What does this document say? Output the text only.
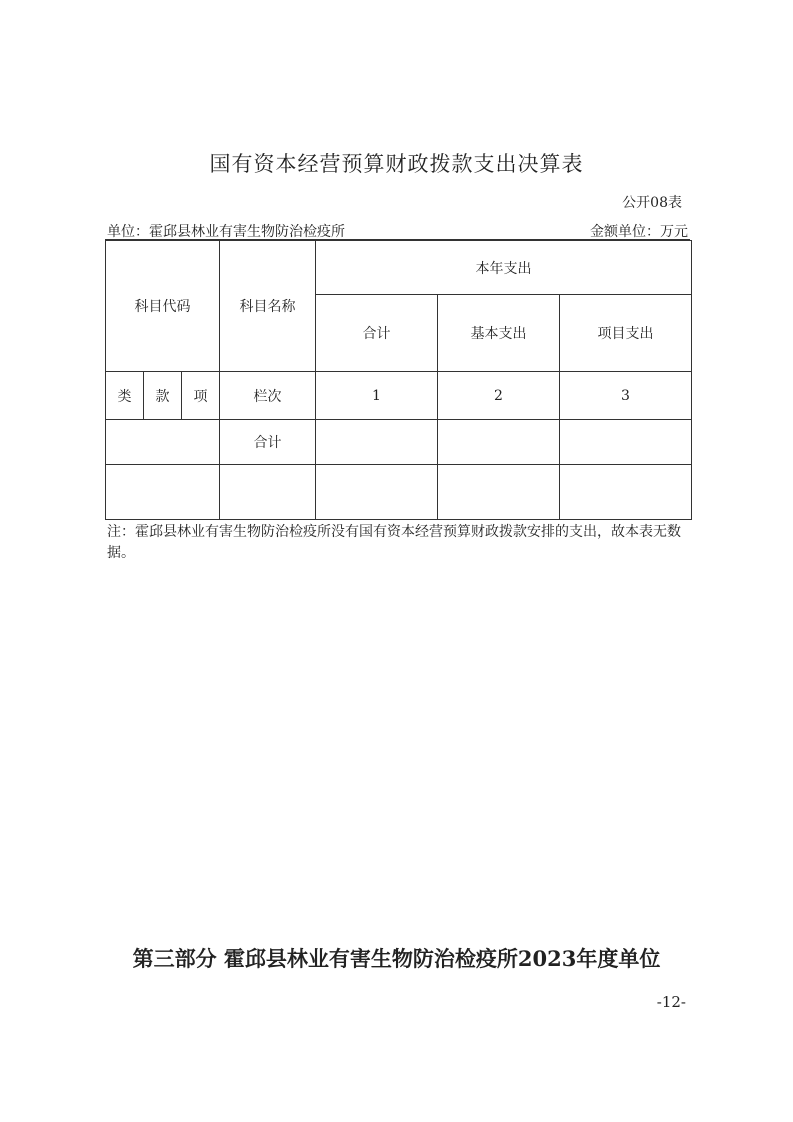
国有资本经营预算财政拨款支出决算表
公开08表
单位：霍邱县林业有害生物防治检疫所	金额单位：万元
科目代码			科目名称	本年支出		
				合计	基本支出	项目支出
类	款	项	栏次	1	2	3
			合计			

注：霍邱县林业有害生物防治检疫所没有国有资本经营预算财政拨款安排的支出，故本表无数据。
第三部分 霍邱县林业有害生物防治检疫所2023年度单位
-12-
